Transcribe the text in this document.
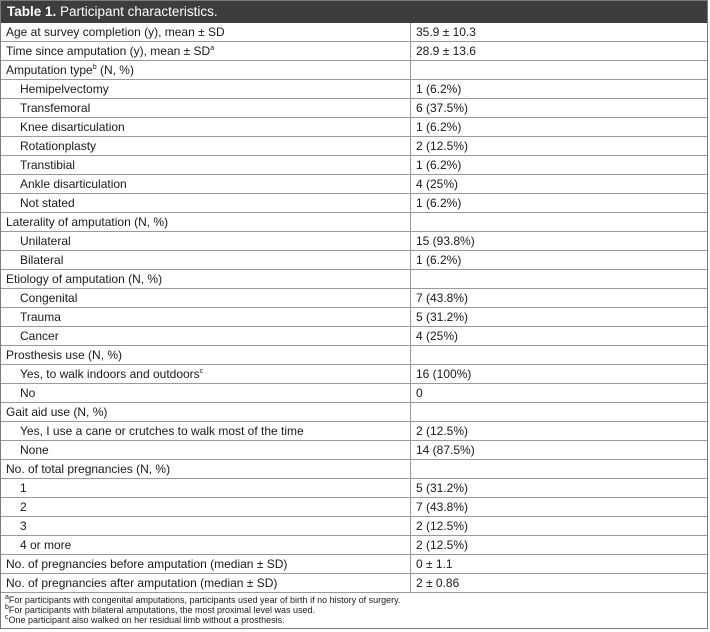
Table 1. Participant characteristics.
Age at survey completion (y), mean ± SD	35.9 ± 10.3
Time since amputation (y), mean ± $SD^a$	28.9 ± 13.6
Amputation type$^b$ (N, %)
Hemipelvectomy	1 (6.2%)
Transfemoral	6 (37.5%)
Knee disarticulation	1 (6.2%)
Rotationplasty	2 (12.5%)
Transtibial	1 (6.2%)
Ankle disarticulation	4 (25%)
Not stated	1 (6.2%)
Laterality of amputation (N, %)
Unilateral	15 (93.8%)
Bilateral	1 (6.2%)
Etiology of amputation (N, %)
Congenital	7 (43.8%)
Trauma	5 (31.2%)
Cancer	4 (25%)
Prosthesis use (N, %)
Yes, to walk indoors and outdoors$^c$	16 (100%)
No	0
Gait aid use (N, %)
Yes, I use a cane or crutches to walk most of the time	2 (12.5%)
None	14 (87.5%)
No. of total pregnancies (N, %)
1	5 (31.2%)
2	7 (43.8%)
3	2 (12.5%)
4 or more	2 (12.5%)
No. of pregnancies before amputation (median ± SD)	0 ± 1.1
No. of pregnancies after amputation (median ± SD)	2 ± 0.86
$^a$For participants with congenital amputations, participants used year of birth if no history of surgery.
$^b$For participants with bilateral amputations, the most proximal level was used.
$^c$One participant also walked on her residual limb without a prosthesis.
